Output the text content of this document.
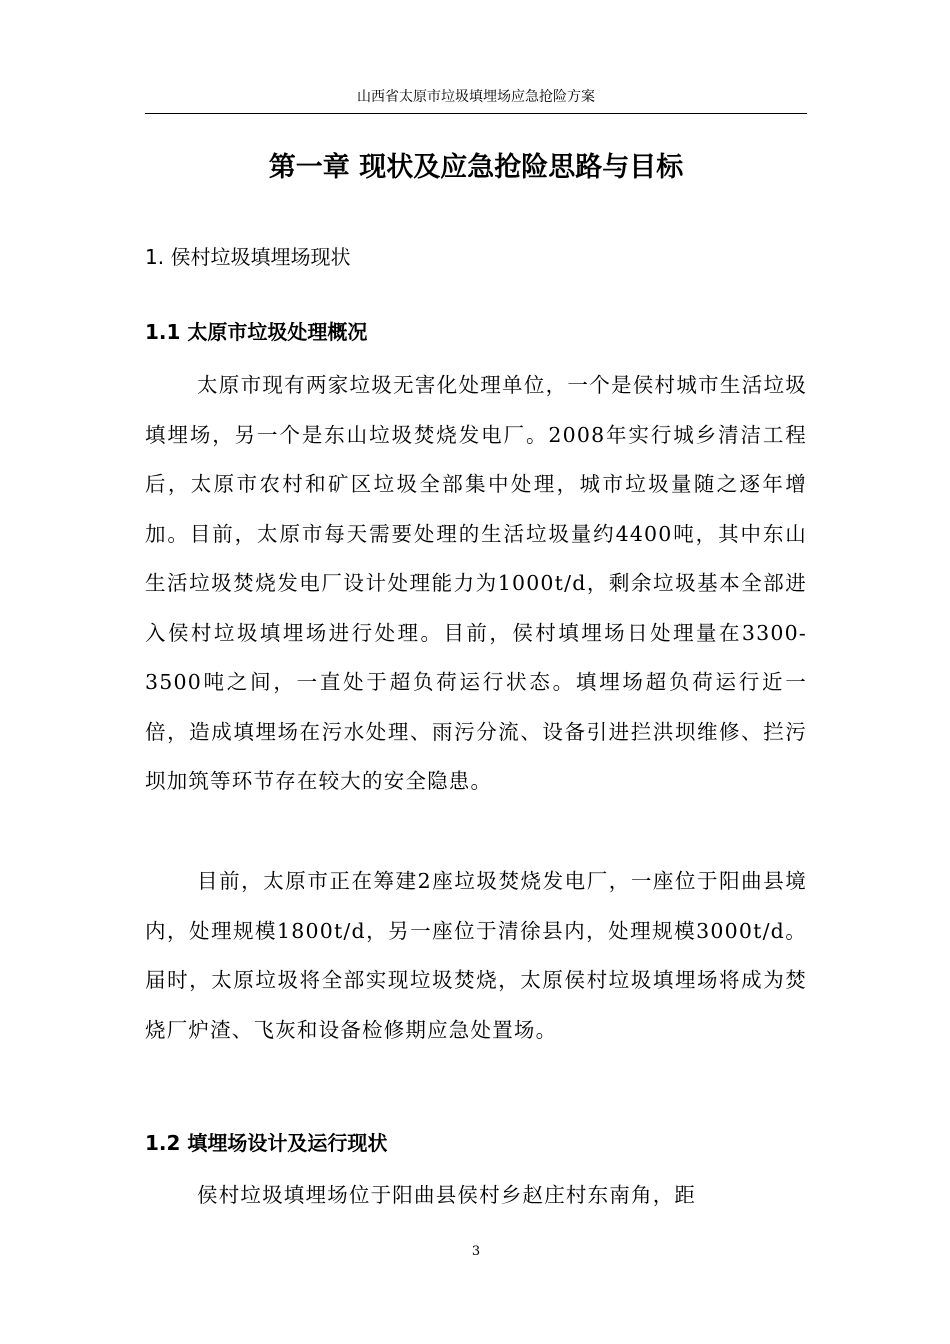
山西省太原市垃圾填埋场应急抢险方案
第一章 现状及应急抢险思路与目标
1. 侯村垃圾填埋场现状
1.1 太原市垃圾处理概况

太原市现有两家垃圾无害化处理单位，一个是侯村城市生活垃圾填埋场，另一个是东山垃圾焚烧发电厂。2008年实行城乡清洁工程后，太原市农村和矿区垃圾全部集中处理，城市垃圾量随之逐年增加。目前，太原市每天需要处理的生活垃圾量约4400吨，其中东山生活垃圾焚烧发电厂设计处理能力为1000t/d，剩余垃圾基本全部进入侯村垃圾填埋场进行处理。目前，侯村填埋场日处理量在3300-3500吨之间，一直处于超负荷运行状态。填埋场超负荷运行近一倍，造成填埋场在污水处理、雨污分流、设备引进拦洪坝维修、拦污坝加筑等环节存在较大的安全隐患。

目前，太原市正在筹建2座垃圾焚烧发电厂，一座位于阳曲县境内，处理规模1800t/d，另一座位于清徐县内，处理规模3000t/d。届时，太原垃圾将全部实现垃圾焚烧，太原侯村垃圾填埋场将成为焚烧厂炉渣、飞灰和设备检修期应急处置场。

1.2 填埋场设计及运行现状

侯村垃圾填埋场位于阳曲县侯村乡赵庄村东南角，距

3
